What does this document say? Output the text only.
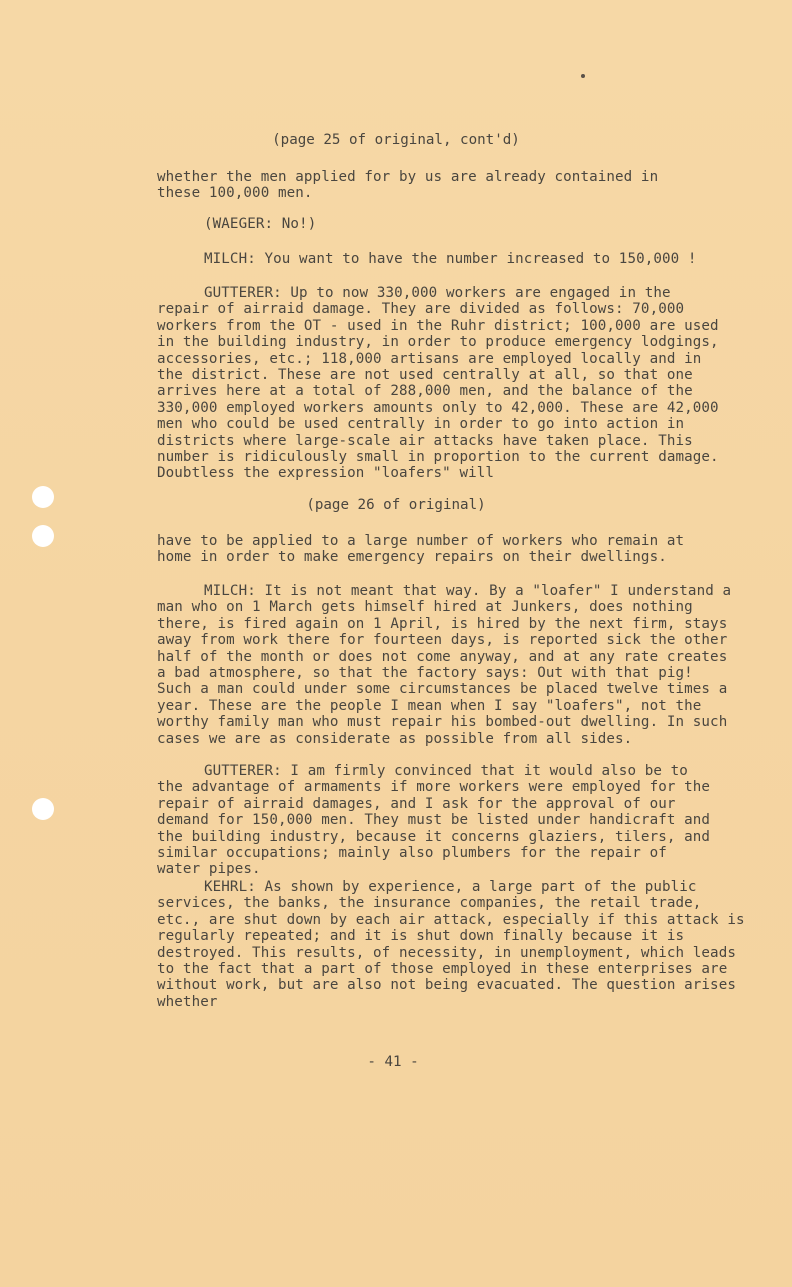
(page 25 of original, cont'd)
whether the men applied for by us are already contained in these 100,000 men.
(WAEGER: No!)
MILCH: You want to have the number increased to 150,000 !
GUTTERER: Up to now 330,000 workers are engaged in the repair of airraid damage. They are divided as follows: 70,000 workers from the OT - used in the Ruhr district; 100,000 are used in the building industry, in order to produce emergency lodgings, accessories, etc.; 118,000 artisans are employed locally and in the district. These are not used centrally at all, so that one arrives here at a total of 288,000 men, and the balance of the 330,000 employed workers amounts only to 42,000. These are 42,000 men who could be used centrally in order to go into action in districts where large-scale air attacks have taken place. This number is ridiculously small in proportion to the current damage. Doubtless the expression "loafers" will
(page 26 of original)
have to be applied to a large number of workers who remain at home in order to make emergency repairs on their dwellings.
MILCH: It is not meant that way. By a "loafer" I understand a man who on 1 March gets himself hired at Junkers, does nothing there, is fired again on 1 April, is hired by the next firm, stays away from work there for fourteen days, is reported sick the other half of the month or does not come anyway, and at any rate creates a bad atmosphere, so that the factory says: Out with that pig! Such a man could under some circumstances be placed twelve times a year. These are the people I mean when I say "loafers", not the worthy family man who must repair his bombed-out dwelling. In such cases we are as considerate as possible from all sides.
GUTTERER: I am firmly convinced that it would also be to the advantage of armaments if more workers were employed for the repair of airraid damages, and I ask for the approval of our demand for 150,000 men. They must be listed under handicraft and the building industry, because it concerns glaziers, tilers, and similar occupations; mainly also plumbers for the repair of water pipes.
KEHRL: As shown by experience, a large part of the public services, the banks, the insurance companies, the retail trade, etc., are shut down by each air attack, especially if this attack is regularly repeated; and it is shut down finally because it is destroyed. This results, of necessity, in unemployment, which leads to the fact that a part of those employed in these enterprises are without work, but are also not being evacuated. The question arises whether
- 41 -
